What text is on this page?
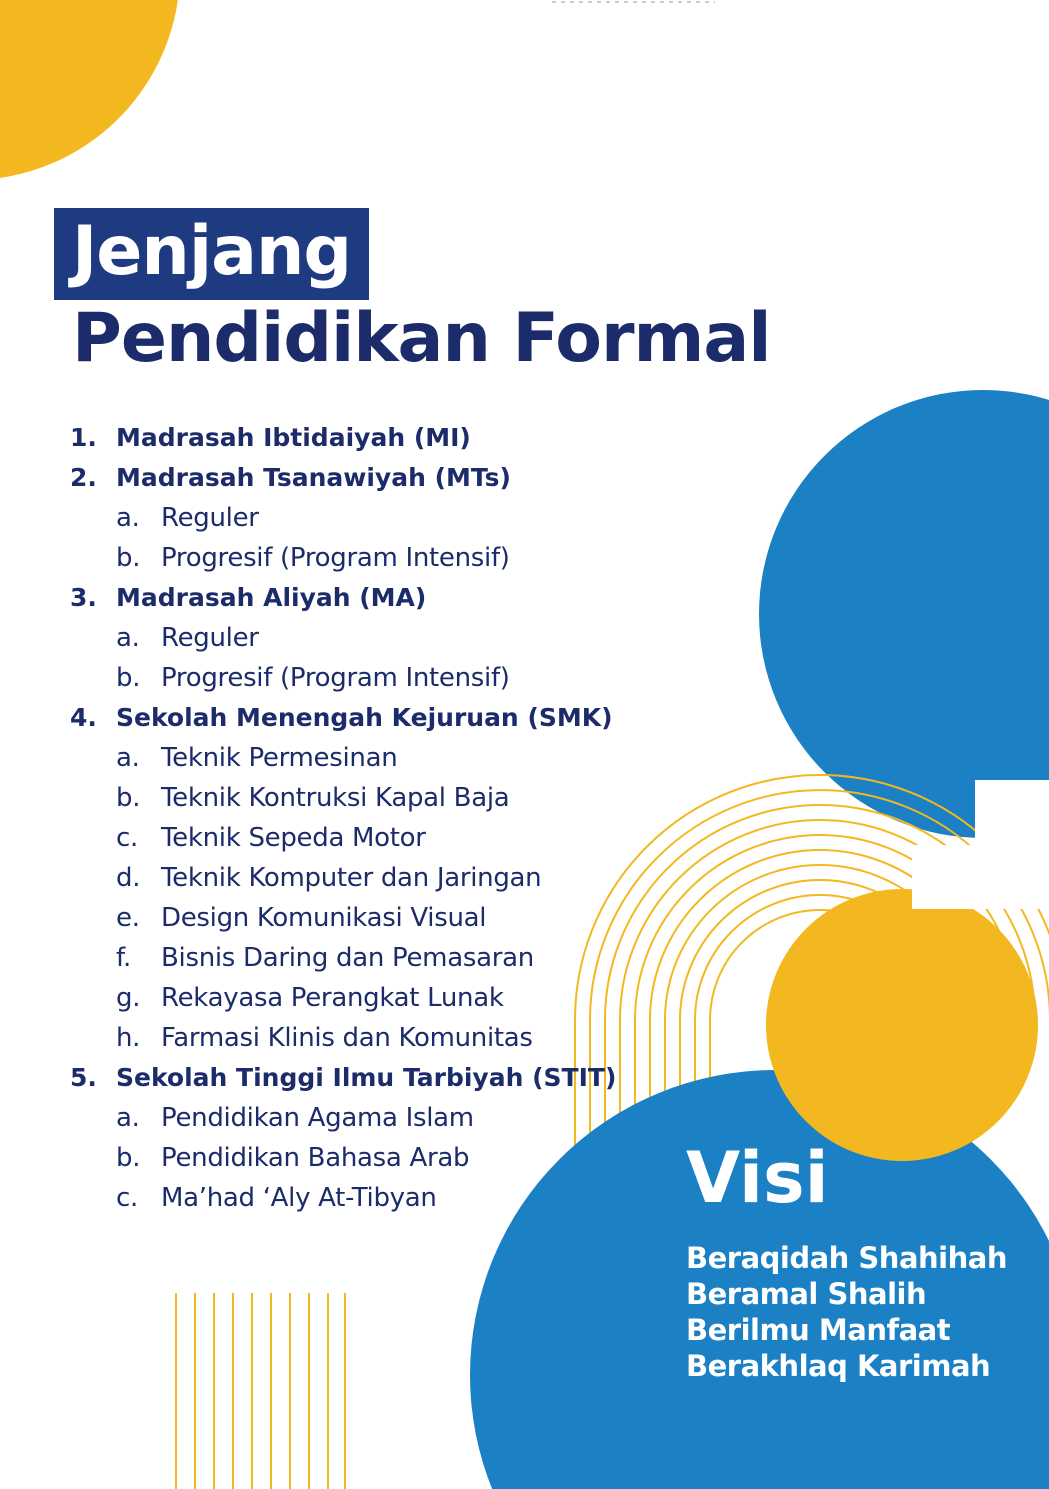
Jenjang
Pendidikan Formal
1. Madrasah Ibtidaiyah (MI)
2. Madrasah Tsanawiyah (MTs)
a. Reguler
b. Progresif (Program Intensif)
3. Madrasah Aliyah (MA)
a. Reguler
b. Progresif (Program Intensif)
4. Sekolah Menengah Kejuruan (SMK)
a. Teknik Permesinan
b. Teknik Kontruksi Kapal Baja
c. Teknik Sepeda Motor
d. Teknik Komputer dan Jaringan
e. Design Komunikasi Visual
f. Bisnis Daring dan Pemasaran
g. Rekayasa Perangkat Lunak
h. Farmasi Klinis dan Komunitas
5. Sekolah Tinggi Ilmu Tarbiyah (STIT)
a. Pendidikan Agama Islam
b. Pendidikan Bahasa Arab
c. Ma’had ‘Aly At-Tibyan	Visi
Beraqidah Shahihah
Beramal Shalih
Berilmu Manfaat
Berakhlaq Karimah
